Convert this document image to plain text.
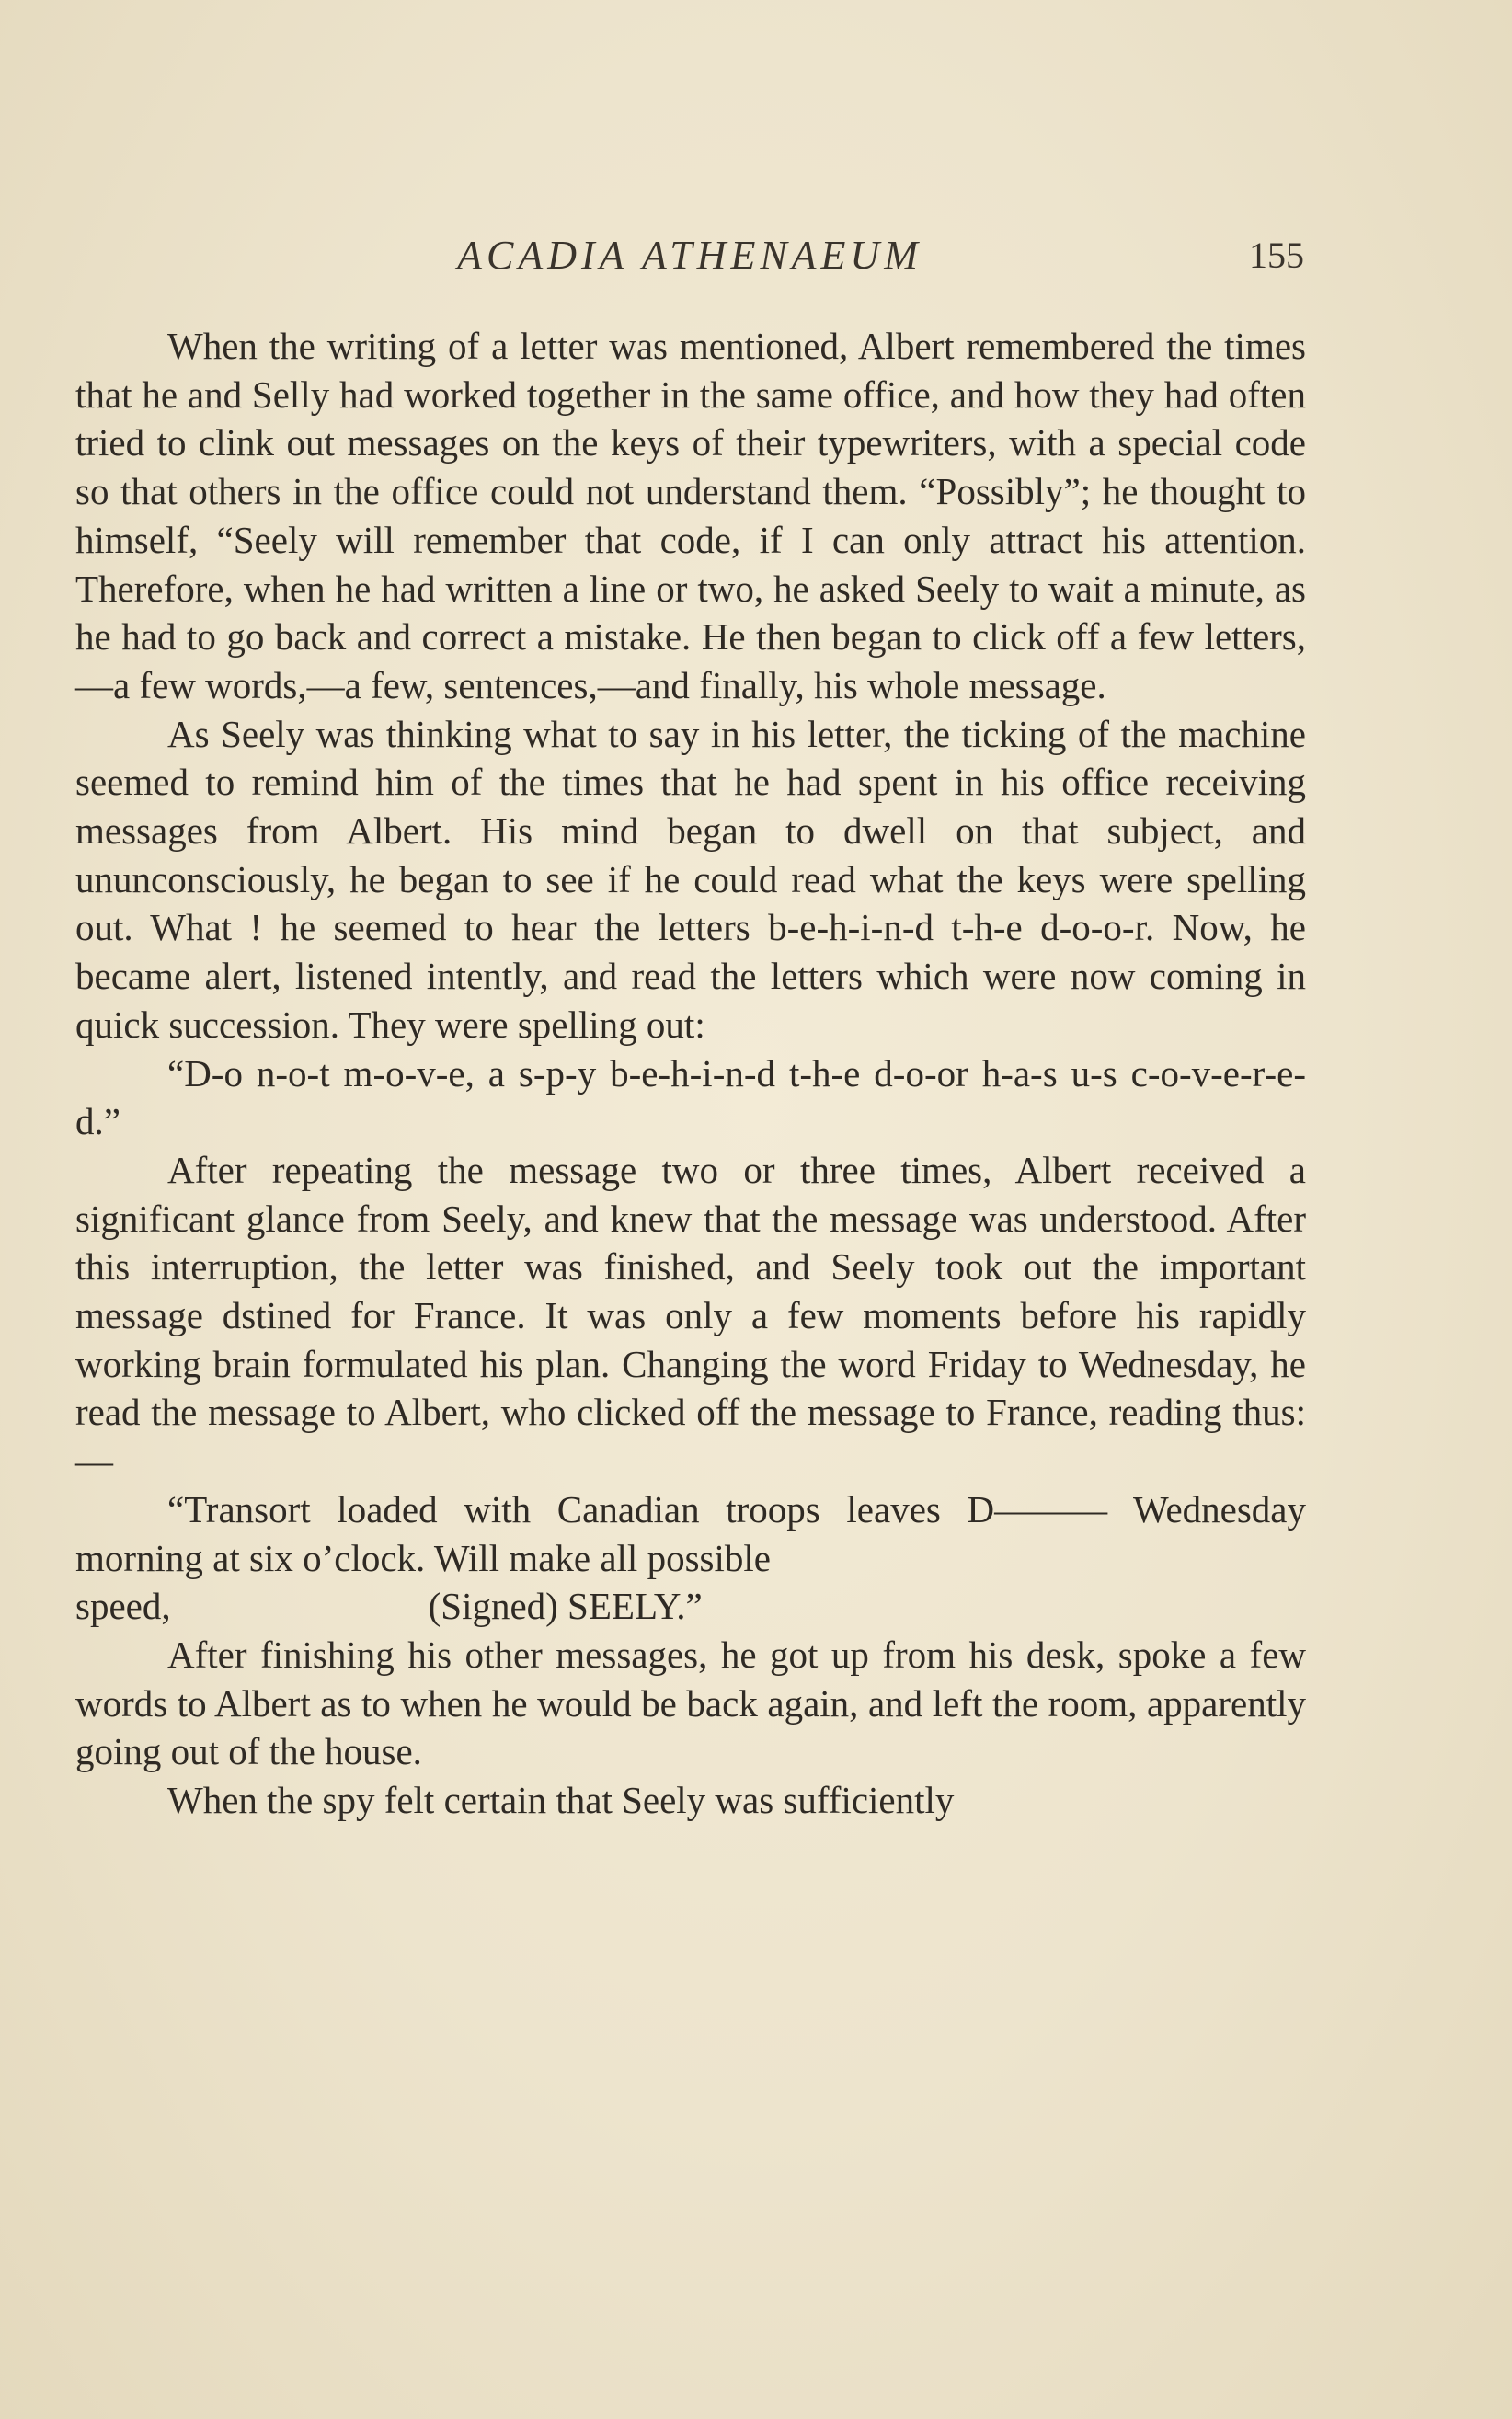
ACADIA ATHENAEUM	155

When the writing of a letter was mentioned, Albert remembered the times that he and Selly had worked together in the same office, and how they had often tried to clink out messages on the keys of their typewriters, with a special code so that others in the office could not understand them. “Possibly”; he thought to himself, “Seely will remember that code, if I can only attract his attention. Therefore, when he had written a line or two, he asked Seely to wait a minute, as he had to go back and correct a mistake. He then began to click off a few letters,—a few words,—a few, sentences,—and finally, his whole message.

As Seely was thinking what to say in his letter, the ticking of the machine seemed to remind him of the times that he had spent in his office receiving messages from Albert. His mind began to dwell on that subject, and ununconsciously, he began to see if he could read what the keys were spelling out. What ! he seemed to hear the letters b-e-h-i-n-d t-h-e d-o-o-r. Now, he became alert, listened intently, and read the letters which were now coming in quick succession. They were spelling out:

“D-o n-o-t m-o-v-e, a s-p-y b-e-h-i-n-d t-h-e d-o-or h-a-s u-s c-o-v-e-r-e-d.”

After repeating the message two or three times, Albert received a significant glance from Seely, and knew that the message was understood. After this interruption, the letter was finished, and Seely took out the important message dstined for France. It was only a few moments before his rapidly working brain formulated his plan. Changing the word Friday to Wednesday, he read the message to Albert, who clicked off the message to France, reading thus:—

“Transort loaded with Canadian troops leaves D——— Wednesday morning at six o’clock. Will make all possible

speed,	(Signed) SEELY.”

After finishing his other messages, he got up from his desk, spoke a few words to Albert as to when he would be back again, and left the room, apparently going out of the house.

When the spy felt certain that Seely was sufficiently
